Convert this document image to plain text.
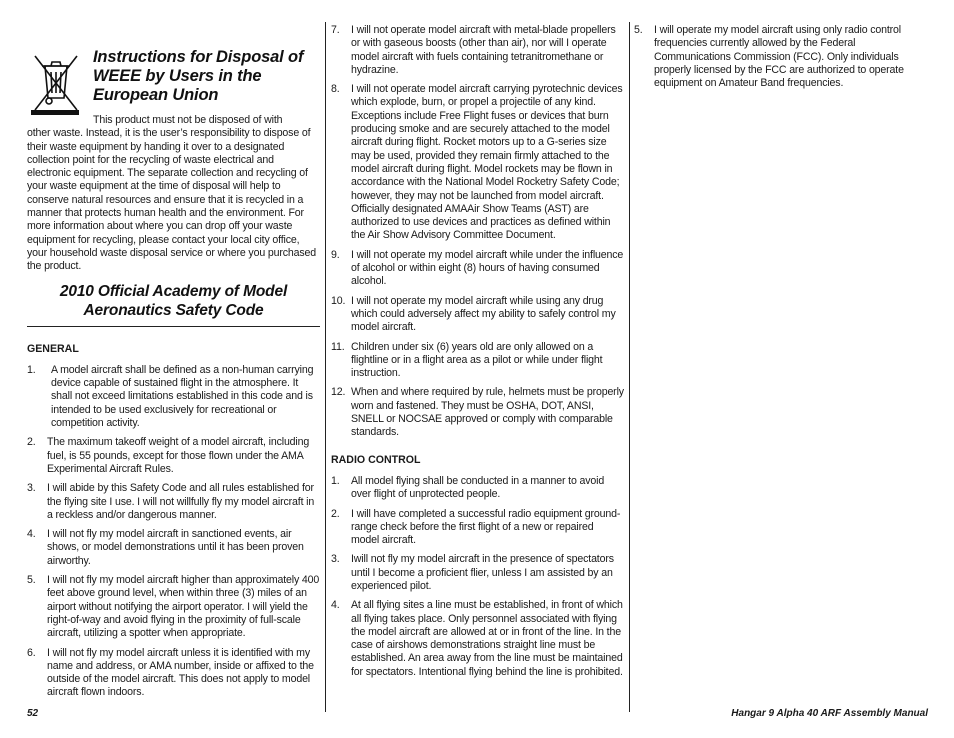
Instructions for Disposal of WEEE by Users in the European Union

This product must not be disposed of with
other waste. Instead, it is the user’s responsibility to dispose of their waste equipment by handing it over to a designated collection point for the recycling of waste electrical and electronic equipment. The separate collection and recycling of your waste equipment at the time of disposal will help to conserve natural resources and ensure that it is recycled in a manner that protects human health and the environment. For more information about where you can drop off your waste equipment for recycling, please contact your local city office, your household waste disposal service or where you purchased the product.

2010 Official Academy of Model Aeronautics Safety Code
GENERAL
1. A model aircraft shall be defined as a non-human carrying device capable of sustained flight in the atmosphere. It shall not exceed limitations established in this code and is intended to be used exclusively for recreational or competition activity.
2. The maximum takeoff weight of a model aircraft, including fuel, is 55 pounds, except for those flown under the AMA Experimental Aircraft Rules.
3. I will abide by this Safety Code and all rules established for the flying site I use. I will not willfully fly my model aircraft in a reckless and/or dangerous manner.
4. I will not fly my model aircraft in sanctioned events, air shows, or model demonstrations until it has been proven airworthy.
5. I will not fly my model aircraft higher than approximately 400 feet above ground level, when within three (3) miles of an airport without notifying the airport operator. I will yield the right-of-way and avoid flying in the proximity of full-scale aircraft, utilizing a spotter when appropriate.
6. I will not fly my model aircraft unless it is identified with my name and address, or AMA number, inside or affixed to the outside of the model aircraft. This does not apply to model aircraft flown indoors.
7. I will not operate model aircraft with metal-blade propellers or with gaseous boosts (other than air), nor will I operate model aircraft with fuels containing tetranitromethane or hydrazine.
8. I will not operate model aircraft carrying pyrotechnic devices which explode, burn, or propel a projectile of any kind. Exceptions include Free Flight fuses or devices that burn producing smoke and are securely attached to the model aircraft during flight. Rocket motors up to a G-series size may be used, provided they remain firmly attached to the model aircraft during flight. Model rockets may be flown in accordance with the National Model Rocketry Safety Code; however, they may not be launched from model aircraft. Officially designated AMAAir Show Teams (AST) are authorized to use devices and practices as defined within the Air Show Advisory Committee Document.
9. I will not operate my model aircraft while under the influence of alcohol or within eight (8) hours of having consumed alcohol.
10. I will not operate my model aircraft while using any drug which could adversely affect my ability to safely control my model aircraft.
11. Children under six (6) years old are only allowed on a flightline or in a flight area as a pilot or while under flight instruction.
12. When and where required by rule, helmets must be properly worn and fastened. They must be OSHA, DOT, ANSI, SNELL or NOCSAE approved or comply with comparable standards.
RADIO CONTROL
1. All model flying shall be conducted in a manner to avoid over flight of unprotected people.
2. I will have completed a successful radio equipment ground-range check before the first flight of a new or repaired model aircraft.
3. Iwill not fly my model aircraft in the presence of spectators until I become a proficient flier, unless I am assisted by an experienced pilot.
4. At all flying sites a line must be established, in front of which all flying takes place. Only personnel associated with flying the model aircraft are allowed at or in front of the line. In the case of airshows demonstrations straight line must be established. An area away from the line must be maintained for spectators. Intentional flying behind the line is prohibited.
5. I will operate my model aircraft using only radio control frequencies currently allowed by the Federal Communications Commission (FCC). Only individuals properly licensed by the FCC are authorized to operate equipment on Amateur Band frequencies.
52	Hangar 9 Alpha 40 ARF Assembly Manual
